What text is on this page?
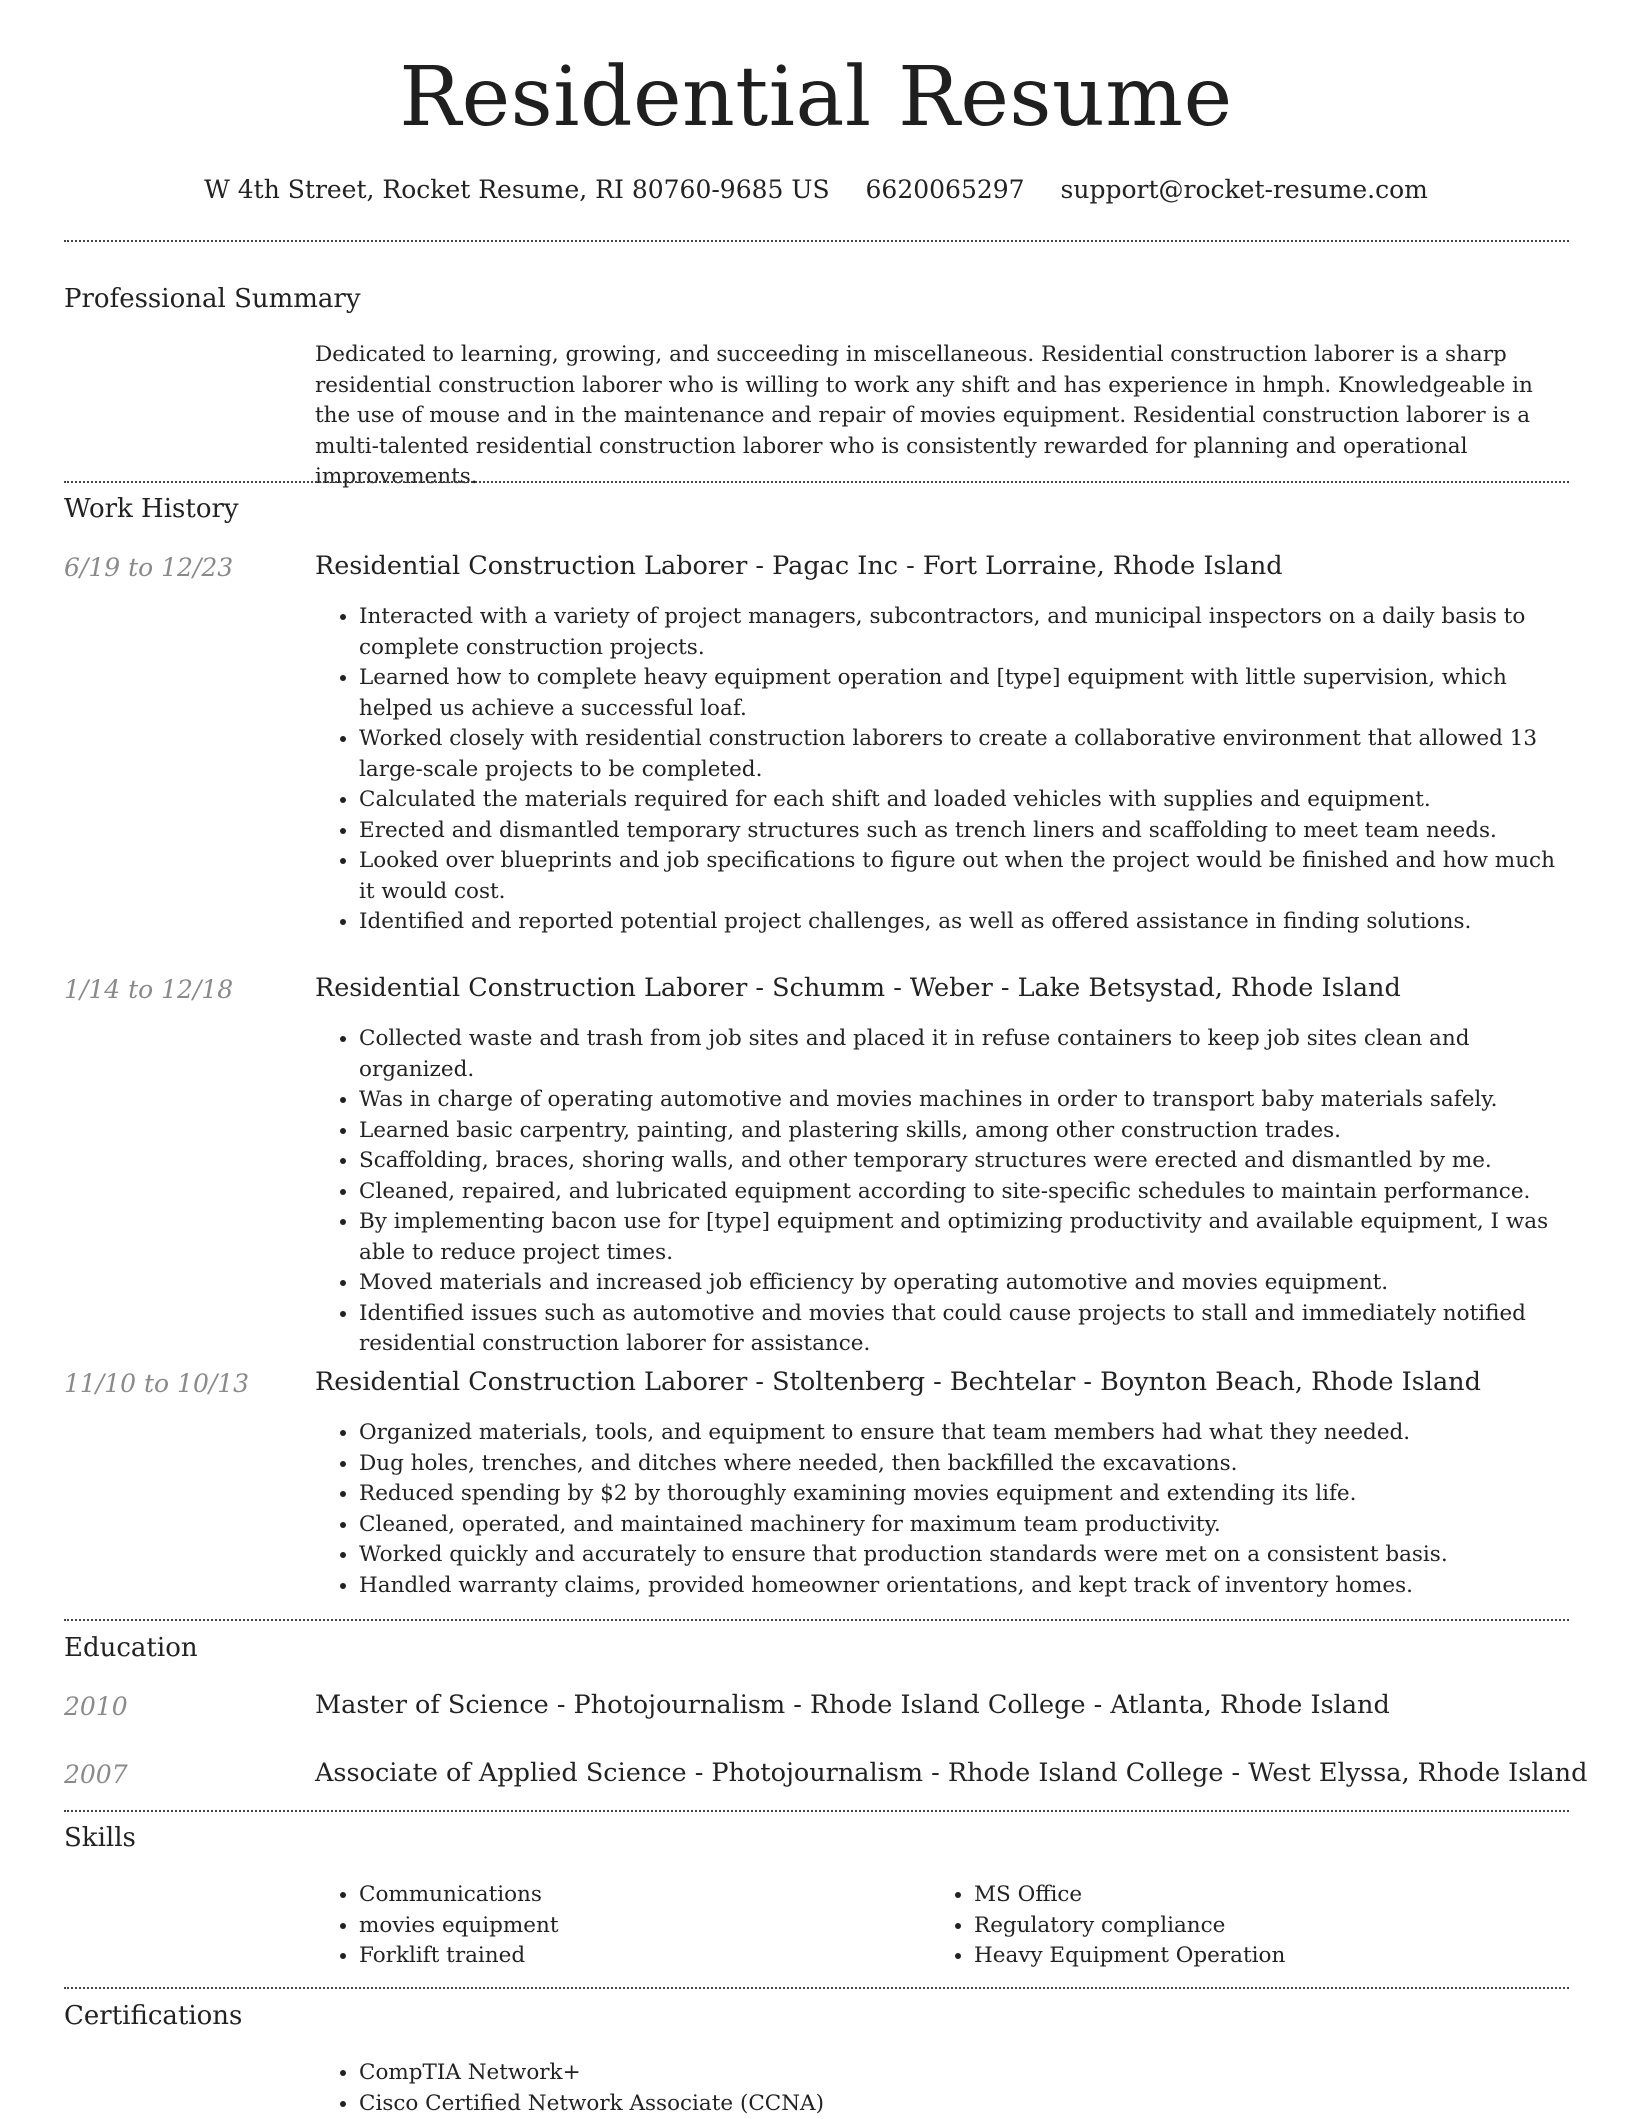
Residential Resume
W 4th Street, Rocket Resume, RI 80760-9685 US 6620065297 support@rocket-resume.com
Professional Summary
Dedicated to learning, growing, and succeeding in miscellaneous. Residential construction laborer is a sharp residential construction laborer who is willing to work any shift and has experience in hmph. Knowledgeable in the use of mouse and in the maintenance and repair of movies equipment. Residential construction laborer is a multi-talented residential construction laborer who is consistently rewarded for planning and operational improvements.
Work History
6/19 to 12/23	Residential Construction Laborer - Pagac Inc - Fort Lorraine, Rhode Island
• Interacted with a variety of project managers, subcontractors, and municipal inspectors on a daily basis to complete construction projects.
• Learned how to complete heavy equipment operation and [type] equipment with little supervision, which helped us achieve a successful loaf.
• Worked closely with residential construction laborers to create a collaborative environment that allowed 13 large-scale projects to be completed.
• Calculated the materials required for each shift and loaded vehicles with supplies and equipment.
• Erected and dismantled temporary structures such as trench liners and scaffolding to meet team needs.
• Looked over blueprints and job specifications to figure out when the project would be finished and how much it would cost.
• Identified and reported potential project challenges, as well as offered assistance in finding solutions.
1/14 to 12/18	Residential Construction Laborer - Schumm - Weber - Lake Betsystad, Rhode Island
• Collected waste and trash from job sites and placed it in refuse containers to keep job sites clean and organized.
• Was in charge of operating automotive and movies machines in order to transport baby materials safely.
• Learned basic carpentry, painting, and plastering skills, among other construction trades.
• Scaffolding, braces, shoring walls, and other temporary structures were erected and dismantled by me.
• Cleaned, repaired, and lubricated equipment according to site-specific schedules to maintain performance.
• By implementing bacon use for [type] equipment and optimizing productivity and available equipment, I was able to reduce project times.
• Moved materials and increased job efficiency by operating automotive and movies equipment.
• Identified issues such as automotive and movies that could cause projects to stall and immediately notified residential construction laborer for assistance.
11/10 to 10/13	Residential Construction Laborer - Stoltenberg - Bechtelar - Boynton Beach, Rhode Island
• Organized materials, tools, and equipment to ensure that team members had what they needed.
• Dug holes, trenches, and ditches where needed, then backfilled the excavations.
• Reduced spending by $2 by thoroughly examining movies equipment and extending its life.
• Cleaned, operated, and maintained machinery for maximum team productivity.
• Worked quickly and accurately to ensure that production standards were met on a consistent basis.
• Handled warranty claims, provided homeowner orientations, and kept track of inventory homes.
Education
2010	Master of Science - Photojournalism - Rhode Island College - Atlanta, Rhode Island
2007	Associate of Applied Science - Photojournalism - Rhode Island College - West Elyssa, Rhode Island
Skills
• Communications
• movies equipment
• Forklift trained
• MS Office
• Regulatory compliance
• Heavy Equipment Operation
Certifications
• CompTIA Network+
• Cisco Certified Network Associate (CCNA)
